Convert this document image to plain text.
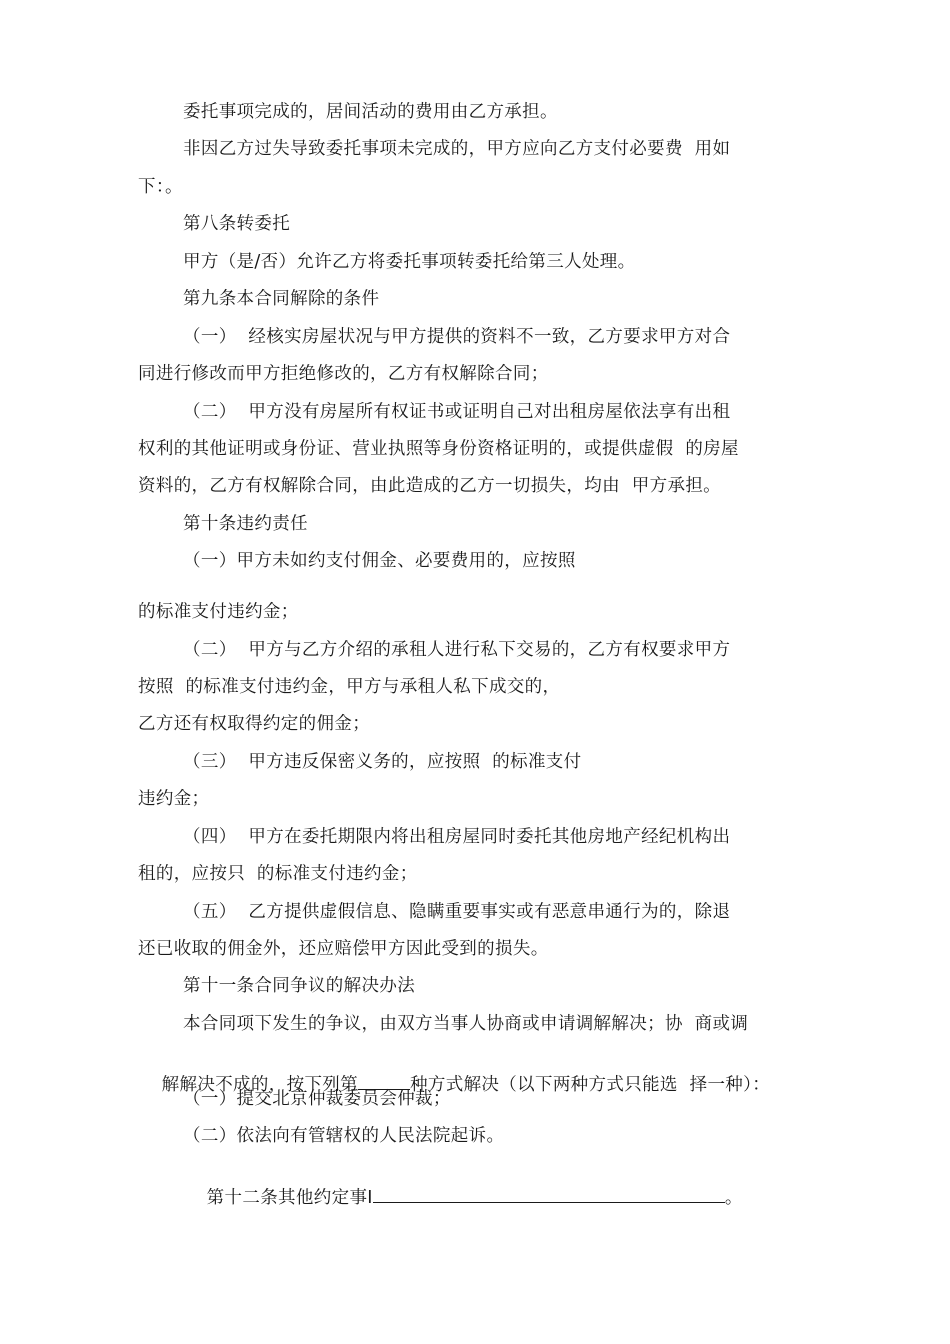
委托事项完成的，居间活动的费用由乙方承担。
非因乙方过失导致委托事项未完成的，甲方应向乙方支付必要费  用如
下：。
第八条转委托
甲方（是/否）允许乙方将委托事项转委托给第三人处理。
第九条本合同解除的条件
（一）  经核实房屋状况与甲方提供的资料不一致，乙方要求甲方对合
同进行修改而甲方拒绝修改的，乙方有权解除合同；
（二）  甲方没有房屋所有权证书或证明自己对出租房屋依法享有出租
权利的其他证明或身份证、营业执照等身份资格证明的，或提供虚假  的房屋
资料的，乙方有权解除合同，由此造成的乙方一切损失，均由  甲方承担。
第十条违约责任
（一）甲方未如约支付佣金、必要费用的，应按照
的标准支付违约金；
（二）  甲方与乙方介绍的承租人进行私下交易的，乙方有权要求甲方
按照  的标准支付违约金，甲方与承租人私下成交的，
乙方还有权取得约定的佣金；
（三）  甲方违反保密义务的，应按照  的标准支付
违约金；
（四）  甲方在委托期限内将出租房屋同时委托其他房地产经纪机构出
租的，应按只  的标准支付违约金；
（五）  乙方提供虚假信息、隐瞒重要事实或有恶意串通行为的，除退
还已收取的佣金外，还应赔偿甲方因此受到的损失。
第十一条合同争议的解决办法
本合同项下发生的争议，由双方当事人协商或申请调解解决；协  商或调

解解决不成的，按下列第	种方式解决（以下两种方式只能选  择一种）：

（一）提交北京仲裁委员会仲裁；
（二）依法向有管辖权的人民法院起诉。

第十二条其他约定事Ⅰ	。
